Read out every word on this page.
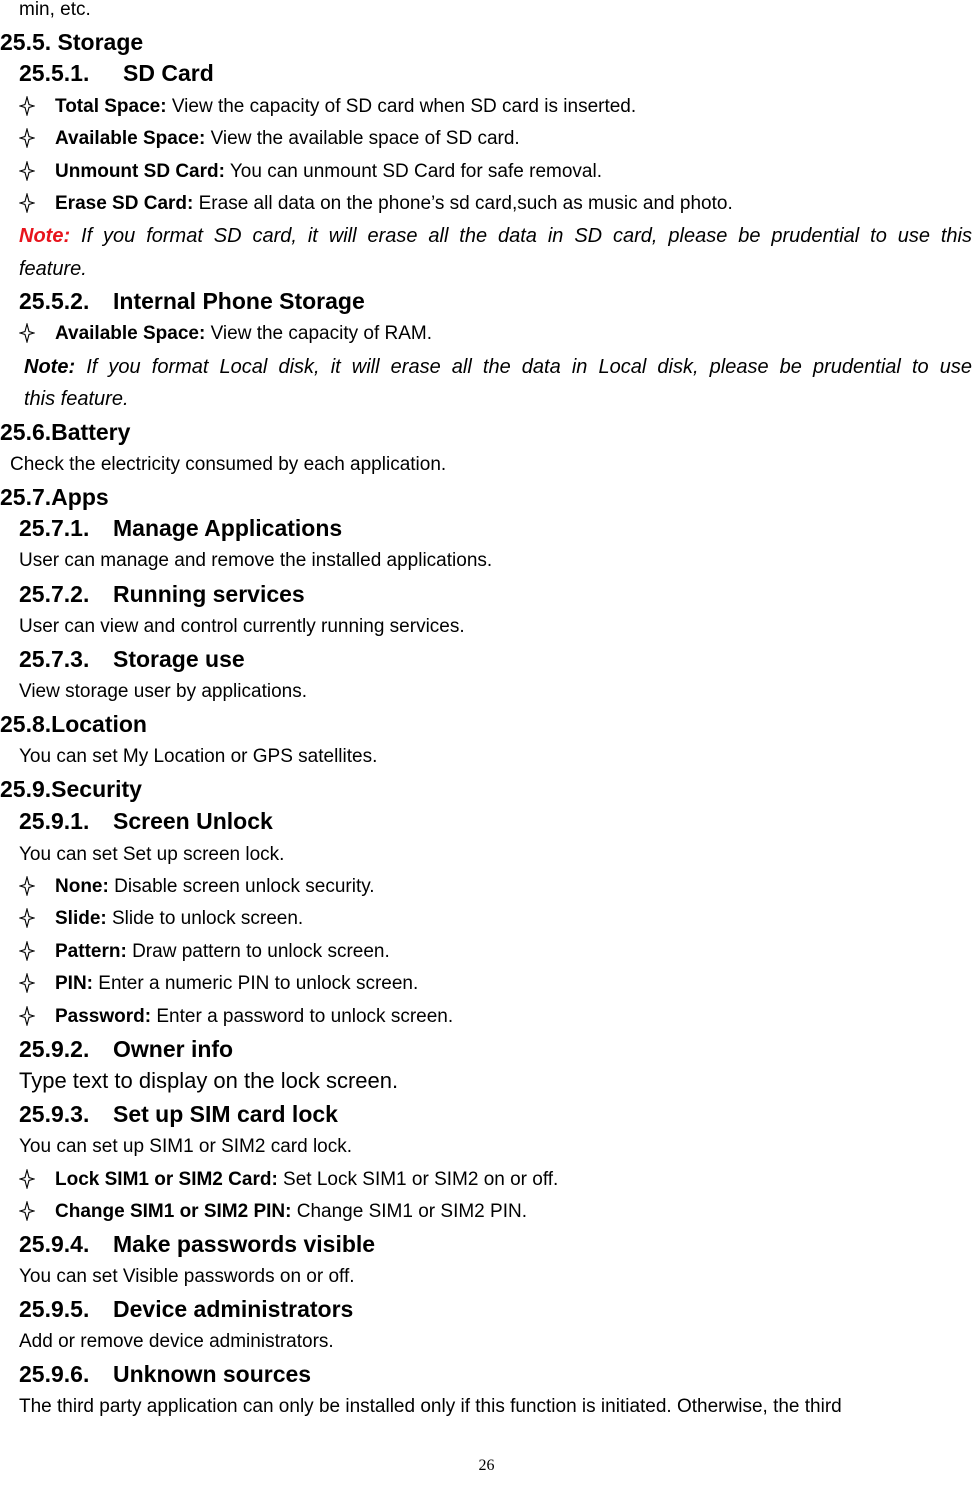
min, etc.
25.5. Storage
25.5.1. SD Card
Total Space: View the capacity of SD card when SD card is inserted.
Available Space: View the available space of SD card.
Unmount SD Card: You can unmount SD Card for safe removal.
Erase SD Card: Erase all data on the phone’s sd card,such as music and photo.
Note: If you format SD card, it will erase all the data in SD card, please be prudential to use this
feature.
25.5.2. Internal Phone Storage
Available Space: View the capacity of RAM.
Note: If you format Local disk, it will erase all the data in Local disk, please be prudential to use
this feature.
25.6.Battery
Check the electricity consumed by each application.
25.7.Apps
25.7.1. Manage Applications
User can manage and remove the installed applications.
25.7.2. Running services
User can view and control currently running services.
25.7.3. Storage use
View storage user by applications.
25.8.Location
You can set My Location or GPS satellites.
25.9.Security
25.9.1. Screen Unlock
You can set Set up screen lock.
None: Disable screen unlock security.
Slide: Slide to unlock screen.
Pattern: Draw pattern to unlock screen.
PIN: Enter a numeric PIN to unlock screen.
Password: Enter a password to unlock screen.
25.9.2. Owner info
Type text to display on the lock screen.
25.9.3. Set up SIM card lock
You can set up SIM1 or SIM2 card lock.
Lock SIM1 or SIM2 Card: Set Lock SIM1 or SIM2 on or off.
Change SIM1 or SIM2 PIN: Change SIM1 or SIM2 PIN.
25.9.4. Make passwords visible
You can set Visible passwords on or off.
25.9.5. Device administrators
Add or remove device administrators.
25.9.6. Unknown sources
The third party application can only be installed only if this function is initiated. Otherwise, the third
26
